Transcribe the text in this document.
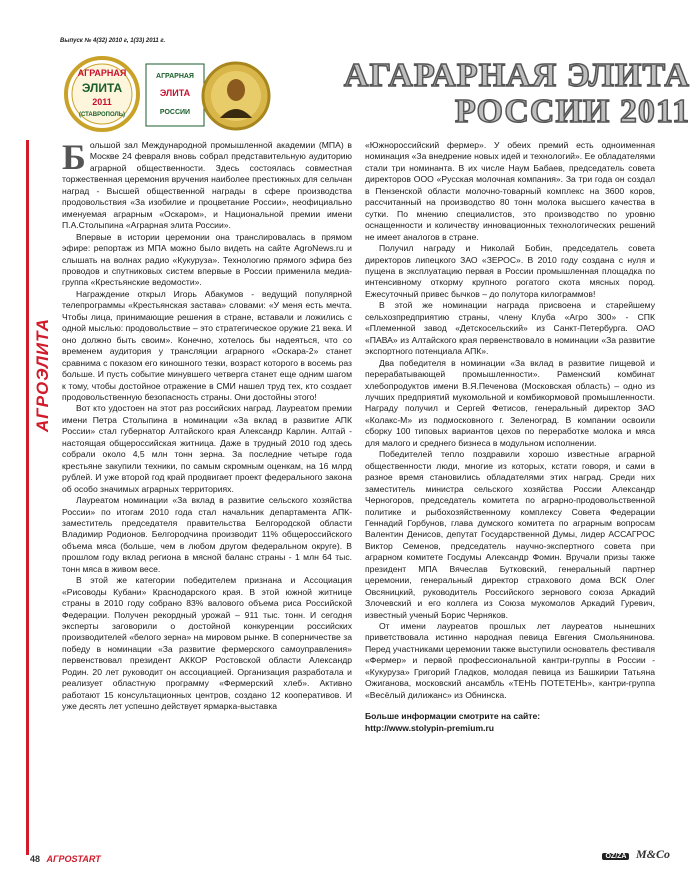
Выпуск № 4(32) 2010 г, 1(33) 2011 г.
АГРАРНАЯ
ЭЛИТА
2011
(СТАВРОПОЛЬ)
АГРАРНАЯ
ЭЛИТА
РОССИИ
АГАРАРНАЯ ЭЛИТА
РОССИИ 2011
АГРОЭЛИТА

Большой зал Международной промышленной академии (МПА) в Москве 24 февраля вновь собрал представительную аудиторию аграрной общественности. Здесь состоялась совместная торжественная церемония вручения наиболее престижных для сельчан наград - Высшей общественной награды в сфере производства продовольствия «За изобилие и процветание России», неофициально именуемая аграрным «Оскаром», и Национальной премии имени П.А.Столыпина «Аграрная элита России».

Впервые в истории церемонии она транслировалась в прямом эфире: репортаж из МПА можно было видеть на сайте AgroNews.ru и слышать на волнах радио «Кукуруза». Технологию прямого эфира без проводов и спутниковых систем впервые в России применила медиа-группа «Крестьянские ведомости».

Награждение открыл Игорь Абакумов - ведущий популярной телепрограммы «Крестьянская застава» словами: «У меня есть мечта. Чтобы лица, принимающие решения в стране, вставали и ложились с одной мыслью: продовольствие – это стратегическое оружие 21 века. И оно должно быть своим». Конечно, хотелось бы надеяться, что со временем аудитория у трансляции аграрного «Оскара-2» станет сравнима с показом его киношного тезки, возраст которого в восемь раз больше. И пусть событие минувшего четверга станет еще одним шагом к тому, чтобы достойное отражение в СМИ нашел труд тех, кто создает продовольственную безопасность страны. Они достойны этого!

Вот кто удостоен на этот раз российских наград. Лауреатом премии имени Петра Столыпина в номинации «За вклад в развитие АПК России» стал губернатор Алтайского края Александр Карлин. Алтай - настоящая общероссийская житница. Даже в трудный 2010 год здесь собрали около 4,5 млн тонн зерна. За последние четыре года крестьяне закупили техники, по самым скромным оценкам, на 16 млрд рублей. И уже второй год край продвигает проект федерального закона об особо значимых аграрных территориях.

Лауреатом номинации «За вклад в развитие сельского хозяйства России» по итогам 2010 года стал начальник департамента АПК-заместитель председателя правительства Белгородской области Владимир Родионов. Белгородчина производит 11% общероссийского объема мяса (больше, чем в любом другом федеральном округе). В прошлом году вклад региона в мясной баланс страны - 1 млн 64 тыс. тонн мяса в живом весе.

В этой же категории победителем признана и Ассоциация «Рисоводы Кубани» Краснодарского края. В этой южной житнице страны в 2010 году собрано 83% валового объема риса Российской Федерации. Получен рекордный урожай – 911 тыс. тонн. И сегодня эксперты заговорили о достойной конкуренции российских производителей «белого зерна» на мировом рынке. В соперничестве за победу в номинации «За развитие фермерского самоуправления» первенствовал президент АККОР Ростовской области Александр Родин. 20 лет руководит он ассоциацией. Организация разработала и реализует областную программу «Фермерский хлеб». Активно работают 15 консультационных центров, создано 12 кооперативов. И уже десять лет успешно действует ярмарка-выставка

«Южнороссийский фермер». У обеих премий есть одноименная номинация «За внедрение новых идей и технологий». Ее обладателями стали три номинанта. В их числе Наум Бабаев, председатель совета директоров ООО «Русская молочная компания». За три года он создал в Пензенской области молочно-товарный комплекс на 3600 коров, рассчитанный на производство 80 тонн молока высшего качества в сутки. По мнению специалистов, это производство по уровню оснащенности и количеству инновационных технологических решений не имеет аналогов в стране.

Получил награду и Николай Бобин, председатель совета директоров липецкого ЗАО «ЗЕРОС». В 2010 году создана с нуля и пущена в эксплуатацию первая в России промышленная площадка по интенсивному откорму крупного рогатого скота мясных пород. Ежесуточный привес бычков – до полутора килограммов!

В этой же номинации награда присвоена и старейшему сельхозпредприятию страны, члену Клуба «Агро 300» - СПК «Племенной завод «Детскосельский» из Санкт-Петербурга. ОАО «ПАВА» из Алтайского края первенствовало в номинации «За развитие экспортного потенциала АПК».

Два победителя в номинации «За вклад в развитие пищевой и перерабатывающей промышленности». Раменский комбинат хлебопродуктов имени В.Я.Печенова (Московская область) – одно из лучших предприятий мукомольной и комбикормовой промышленности. Награду получил и Сергей Фетисов, генеральный директор ЗАО «Колакс-М» из подмосковного г. Зеленоград. В компании освоили сборку 100 типовых вариантов цехов по переработке молока и мяса для малого и среднего бизнеса в модульном исполнении.

Победителей тепло поздравили хорошо известные аграрной общественности люди, многие из которых, кстати говоря, и сами в разное время становились обладателями этих наград. Среди них заместитель министра сельского хозяйства России Александр Черногоров, председатель комитета по аграрно-продовольственной политике и рыбохозяйственному комплексу Совета Федерации Геннадий Горбунов, глава думского комитета по аграрным вопросам Валентин Денисов, депутат Государственной Думы, лидер АССАГРОС Виктор Семенов, председатель научно-экспертного совета при аграрном комитете Госдумы Александр Фомин. Вручали призы также президент МПА Вячеслав Бутковский, генеральный партнер церемонии, генеральный директор страхового дома ВСК Олег Овсяницкий, руководитель Российского зернового союза Аркадий Злочевский и его коллега из Союза мукомолов Аркадий Гуревич, известный ученый Борис Черняков.

От имени лауреатов прошлых лет лауреатов нынешних приветствовала истинно народная певица Евгения Смольянинова. Перед участниками церемонии также выступили основатель фестиваля «Фермер» и первой профессиональной кантри-группы в России - «Кукуруза» Григорий Гладков, молодая певица из Башкирии Татьяна Ожиганова, московский ансамбль «ТЕНЬ ПОТЕТЕНЬ», кантри-группа «Весёлый дилижанс» из Обнинска.

Больше информации смотрите на сайте:

http://www.stolypin-premium.ru

48 АГРОSTART	OZ/ZA M&Co
